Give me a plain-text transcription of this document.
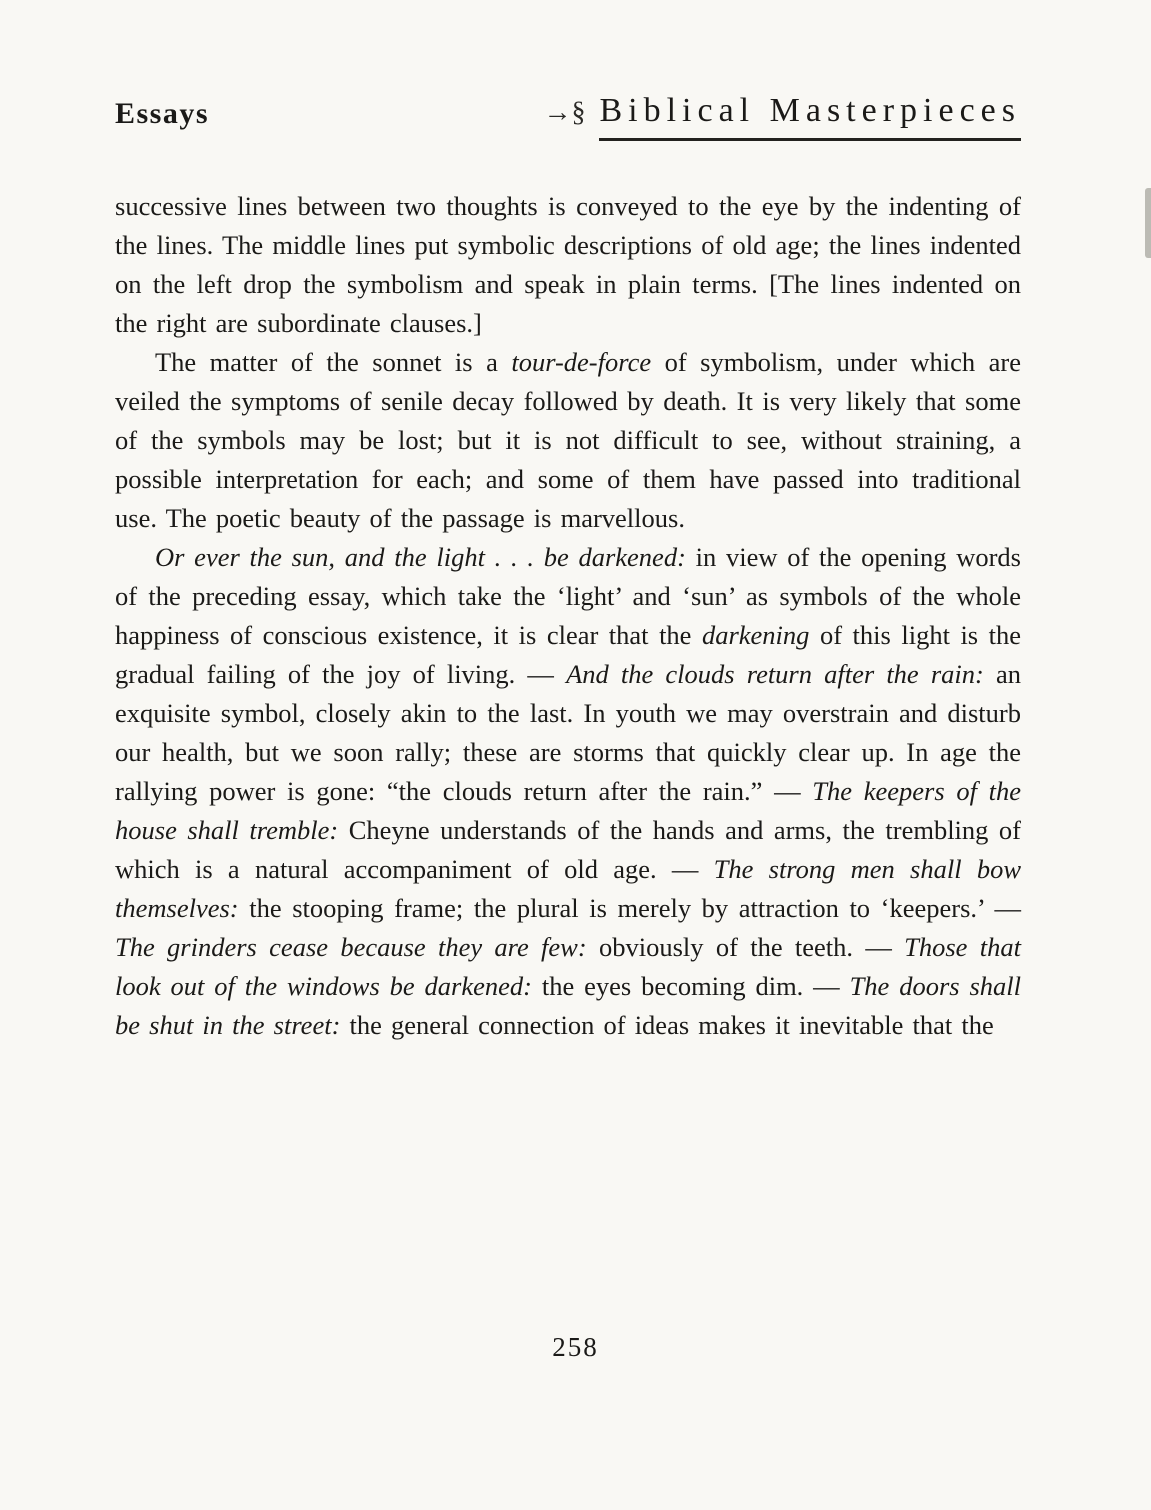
Essays	→§ Biblical Masterpieces

successive lines between two thoughts is conveyed to the eye by the indenting of the lines. The middle lines put symbolic descriptions of old age; the lines indented on the left drop the symbolism and speak in plain terms. [The lines indented on the right are subordinate clauses.]

The matter of the sonnet is a tour-de-force of symbolism, under which are veiled the symptoms of senile decay followed by death. It is very likely that some of the symbols may be lost; but it is not difficult to see, without straining, a possible interpretation for each; and some of them have passed into traditional use. The poetic beauty of the passage is marvellous.

Or ever the sun, and the light . . . be darkened: in view of the opening words of the preceding essay, which take the ‘light’ and ‘sun’ as symbols of the whole happiness of conscious existence, it is clear that the darkening of this light is the gradual failing of the joy of living. — And the clouds return after the rain: an exquisite symbol, closely akin to the last. In youth we may overstrain and disturb our health, but we soon rally; these are storms that quickly clear up. In age the rallying power is gone: “the clouds return after the rain.” — The keepers of the house shall tremble: Cheyne understands of the hands and arms, the trembling of which is a natural accompaniment of old age. — The strong men shall bow themselves: the stooping frame; the plural is merely by attraction to ‘keepers.’ — The grinders cease because they are few: obviously of the teeth. — Those that look out of the windows be darkened: the eyes becoming dim. — The doors shall be shut in the street: the general connection of ideas makes it inevitable that the

258
